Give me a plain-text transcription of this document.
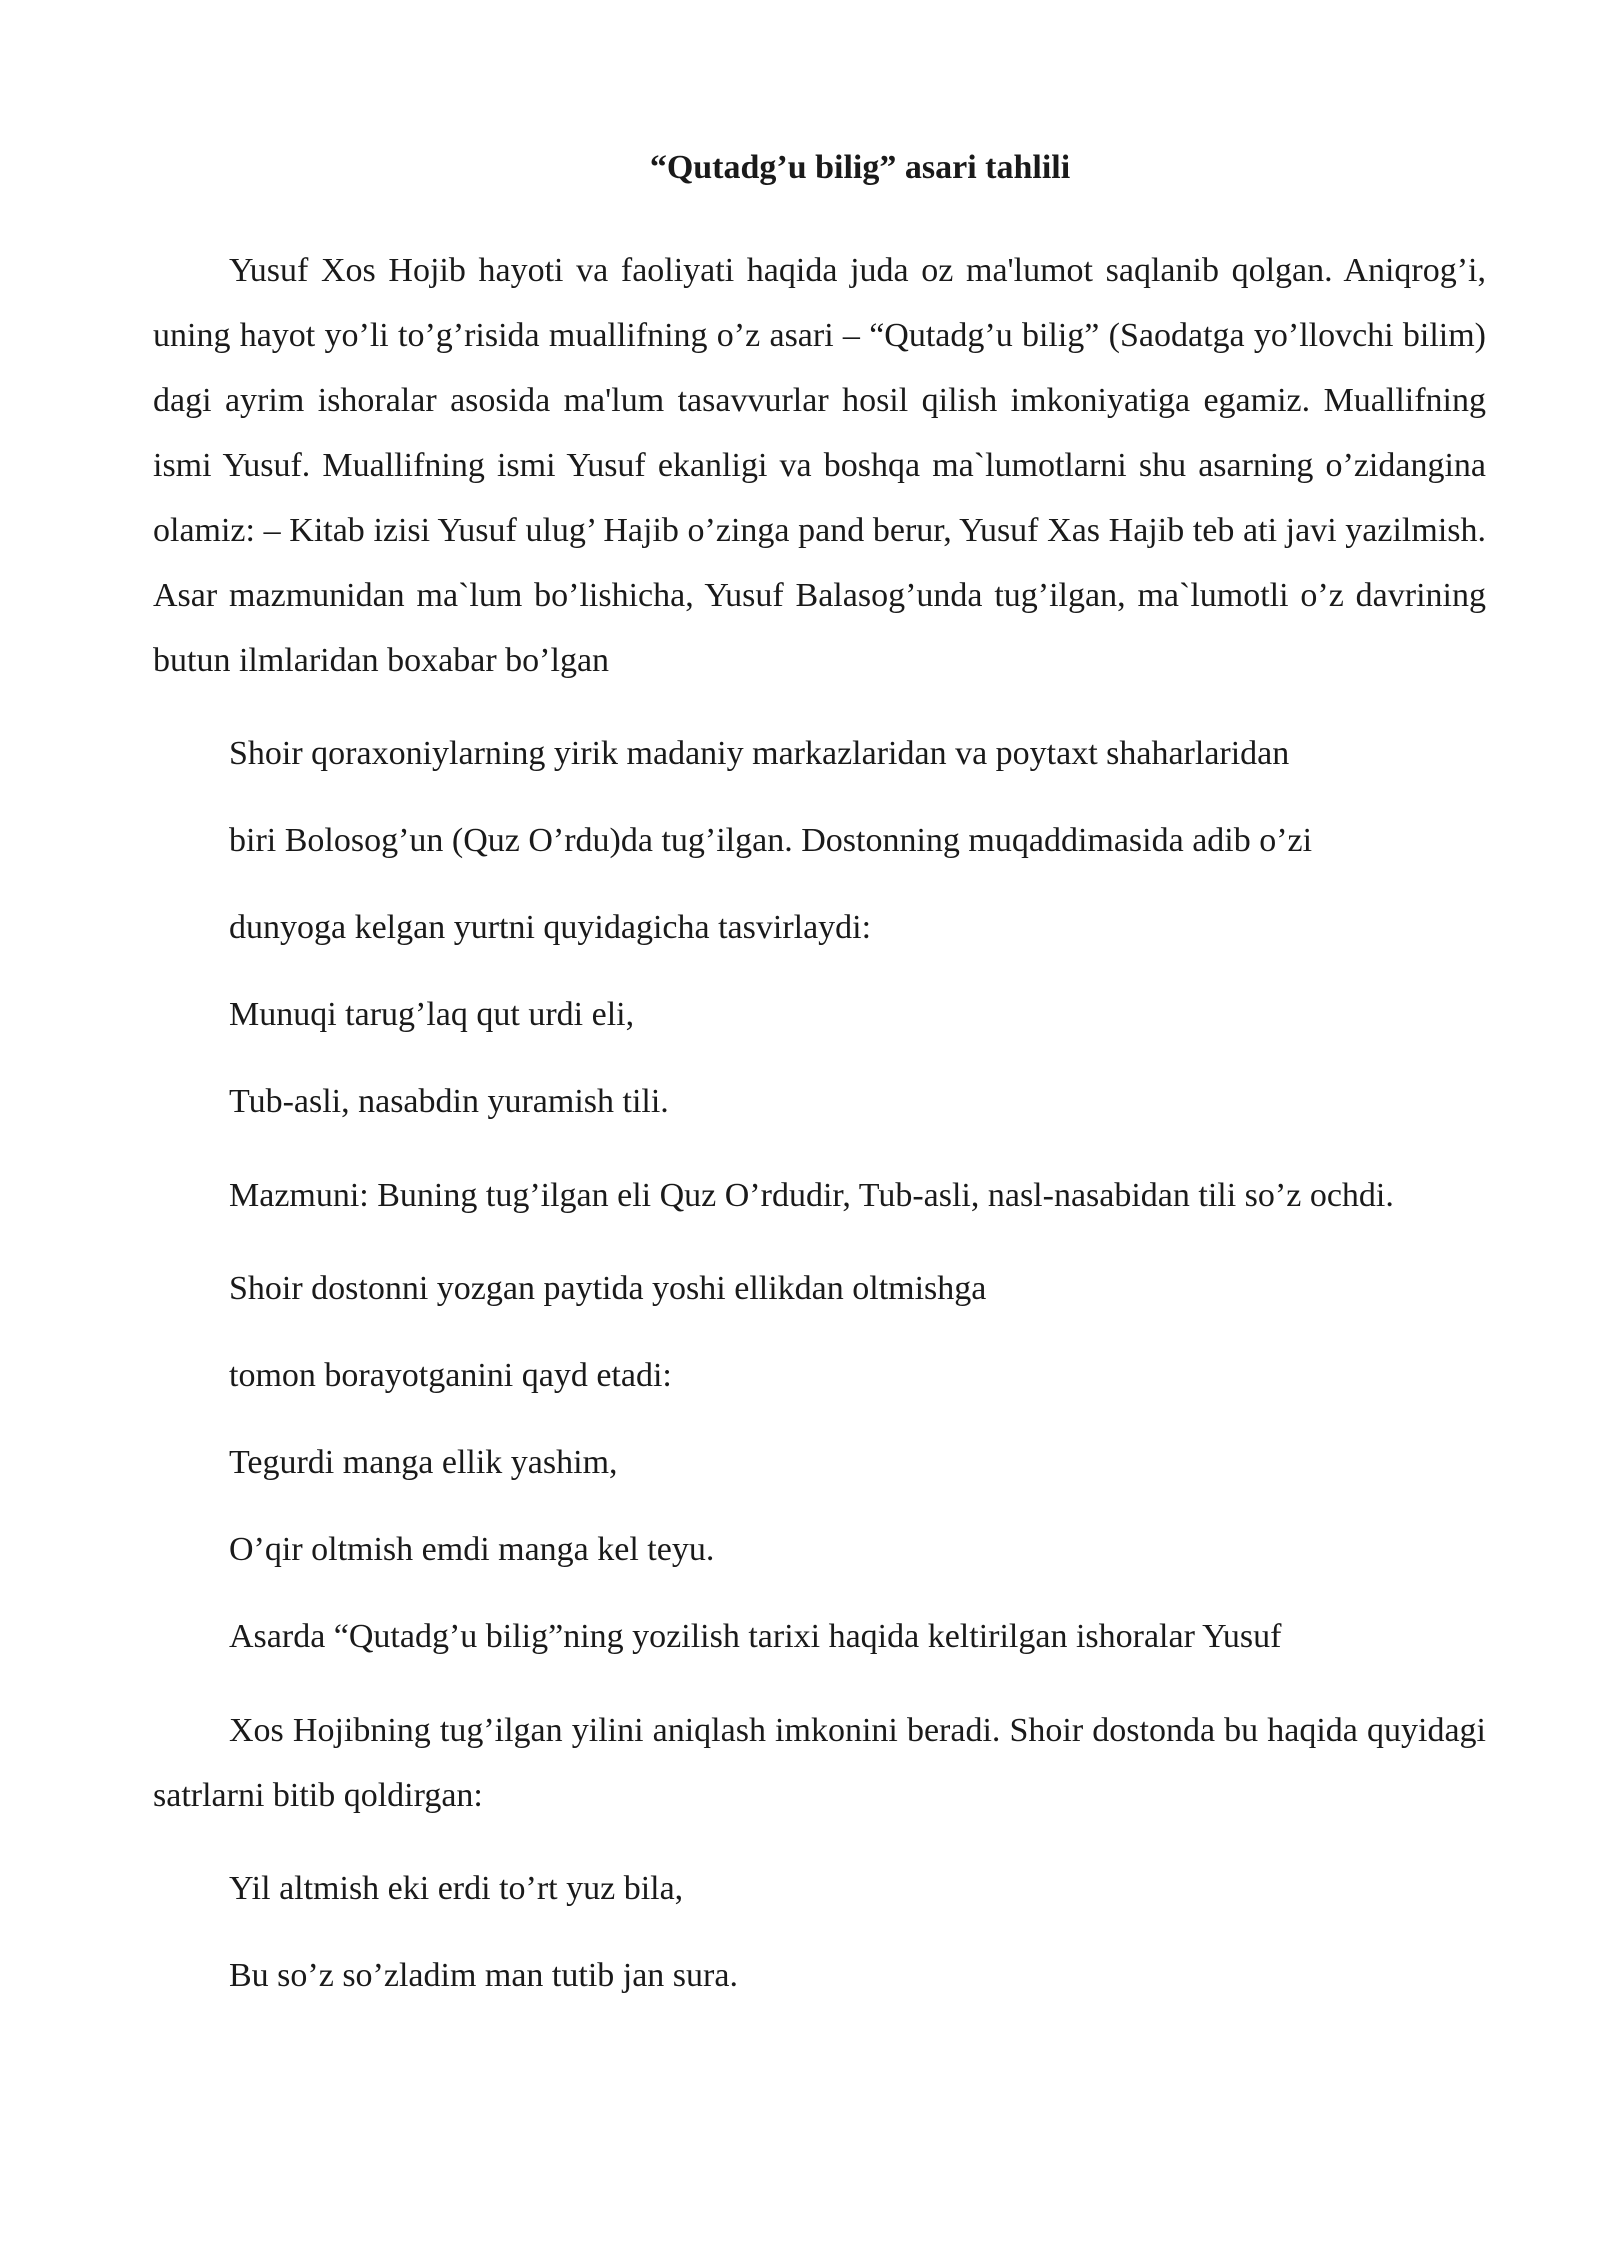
“Qutadg’u bilig” asari tahlili

Yusuf Xos Hojib hayoti va faoliyati haqida juda oz ma'lumot saqlanib qolgan. Aniqrog’i, uning hayot yo’li to’g’risida muallifning o’z asari – “Qutadg’u bilig” (Saodatga yo’llovchi bilim) dagi ayrim ishoralar asosida ma'lum tasavvurlar hosil qilish imkoniyatiga egamiz. Muallifning ismi Yusuf. Muallifning ismi Yusuf ekanligi va boshqa ma`lumotlarni shu asarning o’zidangina olamiz: – Kitab izisi Yusuf ulug’ Hajib o’zinga pand berur, Yusuf Xas Hajib teb ati javi yazilmish. Asar mazmunidan ma`lum bo’lishicha, Yusuf Balasog’unda tug’ilgan, ma`lumotli o’z davrining butun ilmlaridan boxabar bo’lgan

Shoir qoraxoniylarning yirik madaniy markazlaridan va poytaxt shaharlaridan

biri Bolosog’un (Quz O’rdu)da tug’ilgan. Dostonning muqaddimasida adib o’zi

dunyoga kelgan yurtni quyidagicha tasvirlaydi:

Munuqi tarug’laq qut urdi eli,

Tub-asli, nasabdin yuramish tili.

Mazmuni: Buning tug’ilgan eli Quz O’rdudir, Tub-asli, nasl-nasabidan tili so’z ochdi.

Shoir dostonni yozgan paytida yoshi ellikdan oltmishga

tomon borayotganini qayd etadi:

Tegurdi manga ellik yashim,

O’qir oltmish emdi manga kel teyu.

Asarda “Qutadg’u bilig”ning yozilish tarixi haqida keltirilgan ishoralar Yusuf

Xos Hojibning tug’ilgan yilini aniqlash imkonini beradi. Shoir dostonda bu haqida quyidagi satrlarni bitib qoldirgan:

Yil altmish eki erdi to’rt yuz bila,

Bu so’z so’zladim man tutib jan sura.
